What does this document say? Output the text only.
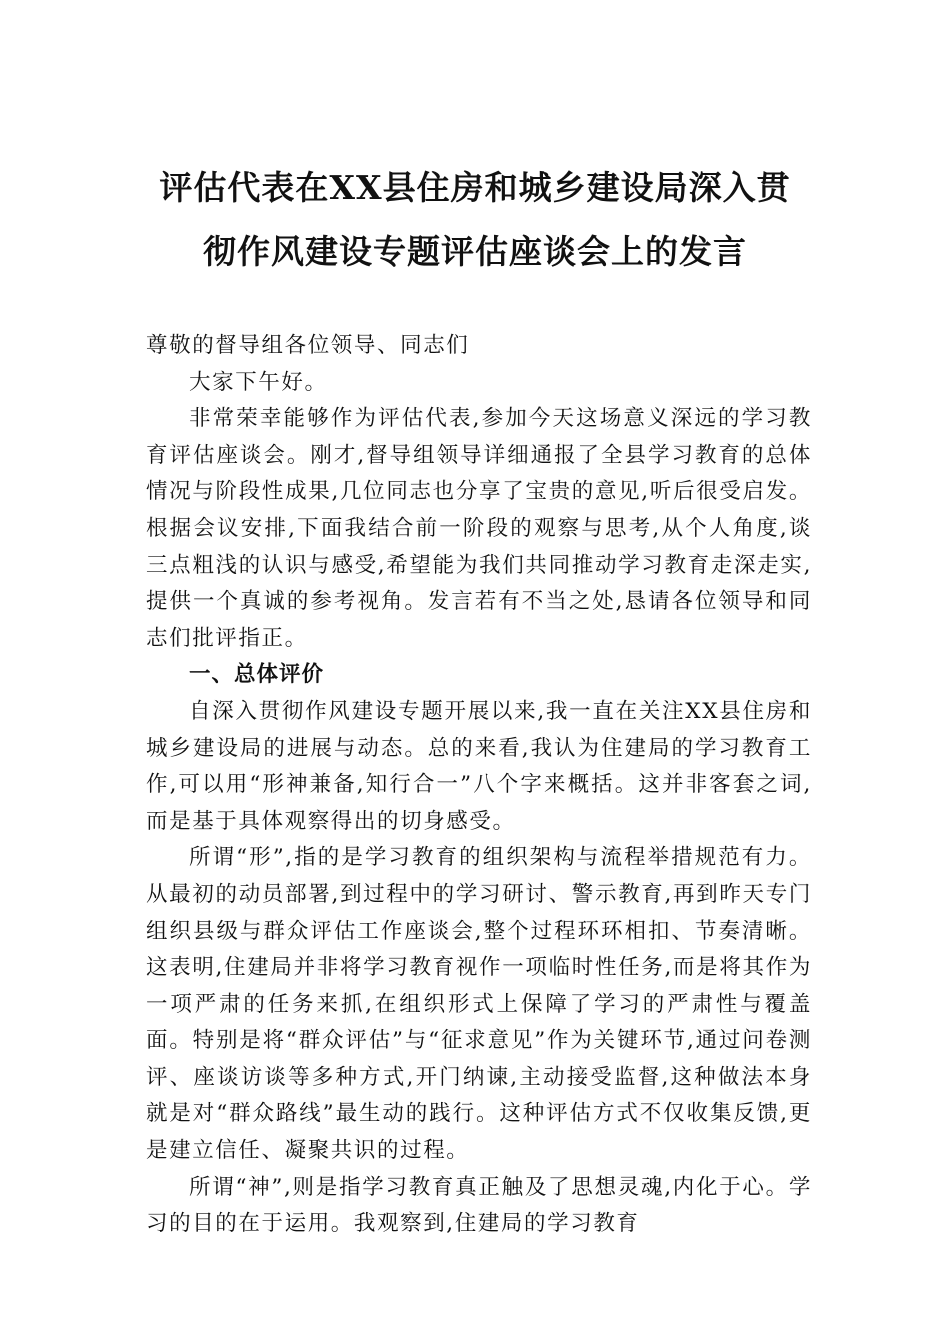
评估代表在XX县住房和城乡建设局深入贯
彻作风建设专题评估座谈会上的发言

尊敬的督导组各位领导、同志们

大家下午好。

非常荣幸能够作为评估代表,参加今天这场意义深远的学习教育评估座谈会。刚才,督导组领导详细通报了全县学习教育的总体情况与阶段性成果,几位同志也分享了宝贵的意见,听后很受启发。根据会议安排,下面我结合前一阶段的观察与思考,从个人角度,谈三点粗浅的认识与感受,希望能为我们共同推动学习教育走深走实,提供一个真诚的参考视角。发言若有不当之处,恳请各位领导和同志们批评指正。

一、总体评价

自深入贯彻作风建设专题开展以来,我一直在关注XX县住房和城乡建设局的进展与动态。总的来看,我认为住建局的学习教育工作,可以用“形神兼备,知行合一”八个字来概括。这并非客套之词,而是基于具体观察得出的切身感受。

所谓“形”,指的是学习教育的组织架构与流程举措规范有力。从最初的动员部署,到过程中的学习研讨、警示教育,再到昨天专门组织县级与群众评估工作座谈会,整个过程环环相扣、节奏清晰。这表明,住建局并非将学习教育视作一项临时性任务,而是将其作为一项严肃的任务来抓,在组织形式上保障了学习的严肃性与覆盖面。特别是将“群众评估”与“征求意见”作为关键环节,通过问卷测评、座谈访谈等多种方式,开门纳谏,主动接受监督,这种做法本身就是对“群众路线”最生动的践行。这种评估方式不仅收集反馈,更是建立信任、凝聚共识的过程。

所谓“神”,则是指学习教育真正触及了思想灵魂,内化于心。学习的目的在于运用。我观察到,住建局的学习教育
